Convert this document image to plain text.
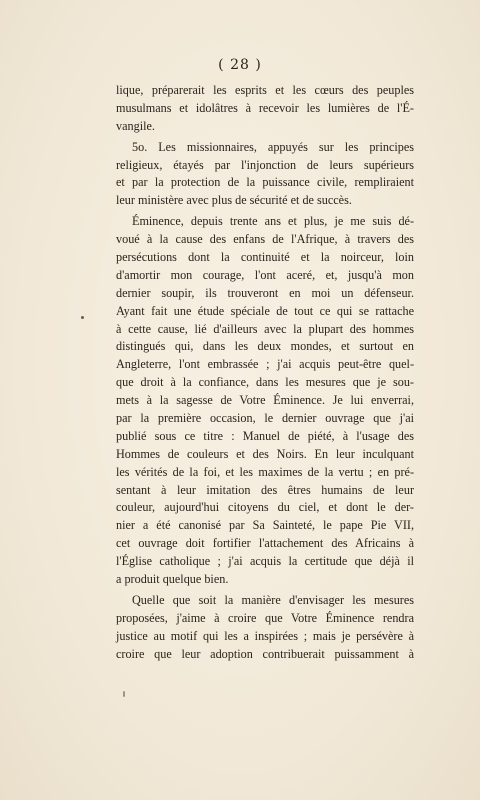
( 28 )
lique, préparerait les esprits et les cœurs des peuples
musulmans et idolâtres à recevoir les lumières de l'É-
vangile.
5o. Les missionnaires, appuyés sur les principes
religieux, étayés par l'injonction de leurs supérieurs
et par la protection de la puissance civile, rempliraient
leur ministère avec plus de sécurité et de succès.
Éminence, depuis trente ans et plus, je me suis dé-
voué à la cause des enfans de l'Afrique, à travers des
persécutions dont la continuité et la noirceur, loin
d'amortir mon courage, l'ont aceré, et, jusqu'à mon
dernier soupir, ils trouveront en moi un défenseur.
Ayant fait une étude spéciale de tout ce qui se rattache
à cette cause, lié d'ailleurs avec la plupart des hommes
distingués qui, dans les deux mondes, et surtout en
Angleterre, l'ont embrassée ; j'ai acquis peut-être quel-
que droit à la confiance, dans les mesures que je sou-
mets à la sagesse de Votre Éminence. Je lui enverrai,
par la première occasion, le dernier ouvrage que j'ai
publié sous ce titre : Manuel de piété, à l'usage des
Hommes de couleurs et des Noirs. En leur inculquant
les vérités de la foi, et les maximes de la vertu ; en pré-
sentant à leur imitation des êtres humains de leur
couleur, aujourd'hui citoyens du ciel, et dont le der-
nier a été canonisé par Sa Sainteté, le pape Pie VII,
cet ouvrage doit fortifier l'attachement des Africains à
l'Église catholique ; j'ai acquis la certitude que déjà il
a produit quelque bien.
Quelle que soit la manière d'envisager les mesures
proposées, j'aime à croire que Votre Éminence rendra
justice au motif qui les a inspirées ; mais je persévère à
croire que leur adoption contribuerait puissamment à
